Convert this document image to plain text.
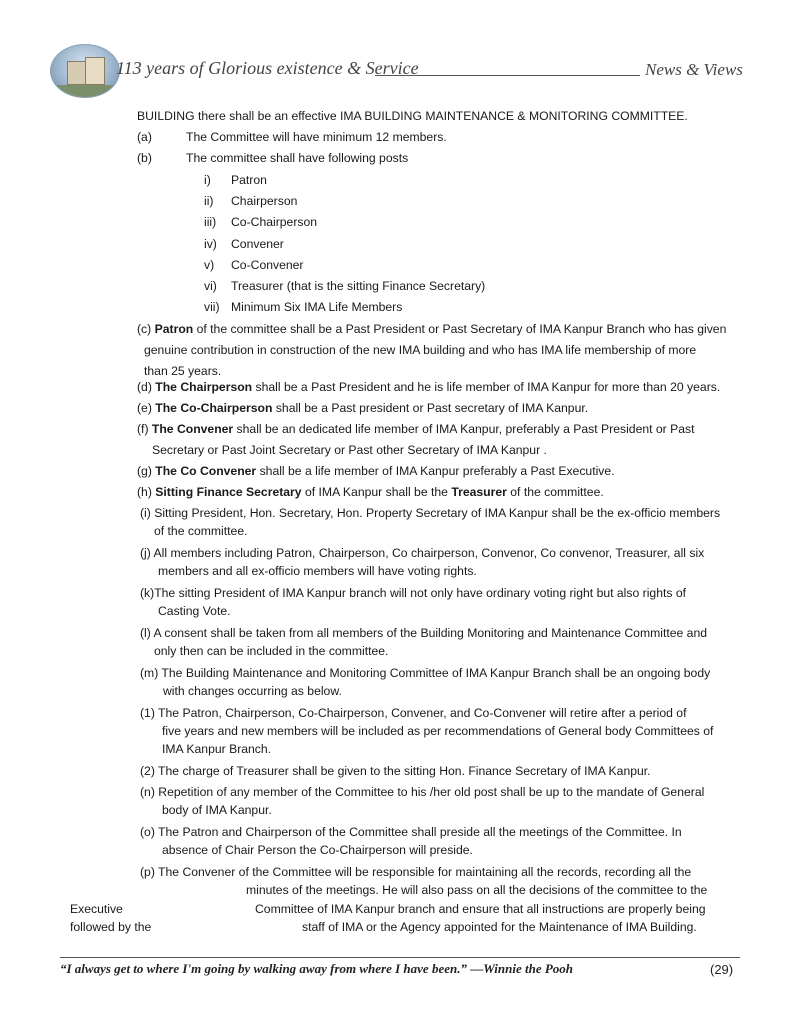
113 years of Glorious existence & Service	News & Views
BUILDING there shall be an effective IMA BUILDING MAINTENANCE & MONITORING COMMITTEE.
(a)	The Committee will have minimum 12 members.
(b)	The committee shall have following posts
i) Patron
ii) Chairperson
iii) Co-Chairperson
iv) Convener
v) Co-Convener
vi) Treasurer (that is the sitting Finance Secretary)
vii) Minimum Six IMA Life Members
(c) Patron of the committee shall be a Past President or Past Secretary of IMA Kanpur Branch who has given
genuine contribution in construction of the new IMA building and who has IMA life membership of more
than 25 years.
(d) The Chairperson shall be a Past President and he is life member of IMA Kanpur for more than 20 years.
(e) The Co-Chairperson shall be a Past president or Past secretary of IMA Kanpur.
(f) The Convener shall be an dedicated life member of IMA Kanpur, preferably a Past President or Past
Secretary or Past Joint Secretary or Past other Secretary of IMA Kanpur .
(g) The Co Convener shall be a life member of IMA Kanpur preferably a Past Executive.
(h) Sitting Finance Secretary of IMA Kanpur shall be the Treasurer of the committee.
(i) Sitting President, Hon. Secretary, Hon. Property Secretary of IMA Kanpur shall be the ex-officio members
of the committee.
(j) All members including Patron, Chairperson, Co chairperson, Convenor, Co convenor, Treasurer, all six
members and all ex-officio members will have voting rights.
(k)The sitting President of IMA Kanpur branch will not only have ordinary voting right but also rights of
Casting Vote.
(l) A consent shall be taken from all members of the Building Monitoring and Maintenance Committee and
only then can be included in the committee.
(m) The Building Maintenance and Monitoring Committee of IMA Kanpur Branch shall be an ongoing body
with changes occurring as below.
(1) The Patron, Chairperson, Co-Chairperson, Convener, and Co-Convener will retire after a period of
five years and new members will be included as per recommendations of General body Committees of
IMA Kanpur Branch.
(2) The charge of Treasurer shall be given to the sitting Hon. Finance Secretary of IMA Kanpur.
(n) Repetition of any member of the Committee to his /her old post shall be up to the mandate of General
body of IMA Kanpur.
(o) The Patron and Chairperson of the Committee shall preside all the meetings of the Committee. In
absence of Chair Person the Co-Chairperson will preside.
(p) The Convener of the Committee will be responsible for maintaining all the records, recording all the
minutes of the meetings. He will also pass on all the decisions of the committee to the
Executive	Committee of IMA Kanpur branch and ensure that all instructions are properly being
followed by the	staff of IMA or the Agency appointed for the Maintenance of IMA Building.
“I always get to where I'm going by walking away from where I have been.” —Winnie the Pooh	(29)
